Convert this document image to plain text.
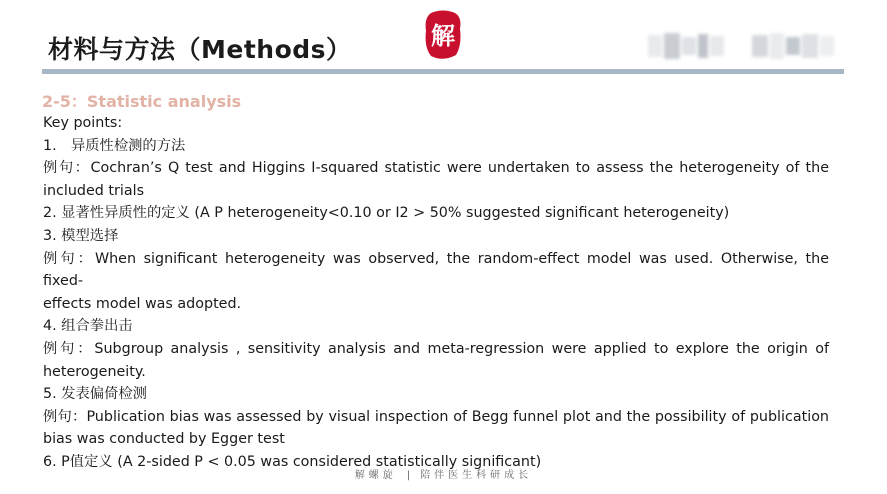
材料与方法（Methods）	解
2-5：Statistic analysis
Key points:
1.　异质性检测的方法
例句：Cochran’s Q test and Higgins I-squared statistic were undertaken to assess the heterogeneity of the
included trials
2. 显著性异质性的定义 (A P heterogeneity<0.10 or I2 > 50% suggested significant heterogeneity)
3. 模型选择
例句：When significant heterogeneity was observed, the random-effect model was used. Otherwise, the fixed-
effects model was adopted.
4. 组合拳出击
例句：Subgroup analysis , sensitivity analysis and meta-regression were applied to explore the origin of
heterogeneity.
5. 发表偏倚检测
例句：Publication bias was assessed by visual inspection of Begg funnel plot and the possibility of publication
bias was conducted by Egger test
6. P值定义 (A 2-sided P < 0.05 was considered statistically significant)
解螺旋 | 陪伴医生科研成长
